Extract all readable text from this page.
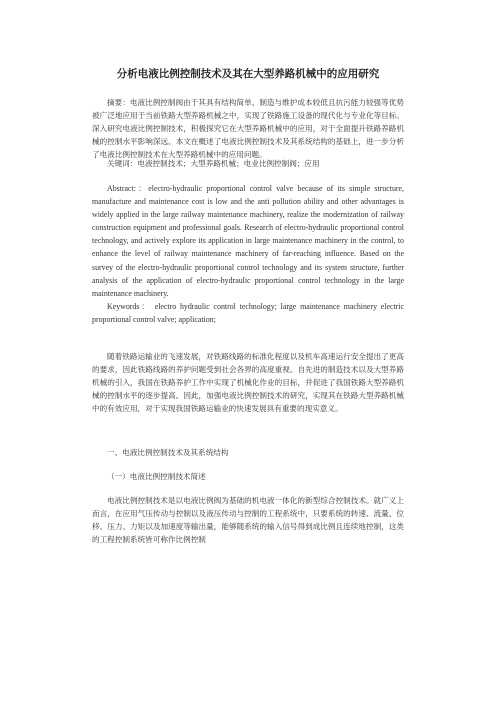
分析电液比例控制技术及其在大型养路机械中的应用研究

摘要：电液比例控制阀由于其具有结构简单、制造与维护成本较低且抗污能力较强等优势被广泛地应用于当前铁路大型养路机械之中，实现了铁路施工设备的现代化与专业化等目标。深入研究电液比例控制技术，积极探究它在大型养路机械中的应用，对于全面提升铁路养路机械的控制水平影响深远。本文在概述了电液比例控制技术及其系统结构的基础上，进一步分析了电液比例控制技术在大型养路机械中的应用问题。

关键词：电液控制技术；大型养路机械；电业比例控制阀；应用

Abstract:：electro-hydraulic proportional control valve because of its simple structure, manufacture and maintenance cost is low and the anti pollution ability and other advantages is widely applied in the large railway maintenance machinery, realize the modernization of railway construction equipment and professional goals. Research of electro-hydraulic proportional control technology, and actively explore its application in large maintenance machinery in the control, to enhance the level of railway maintenance machinery of far-reaching influence. Based on the survey of the electro-hydraulic proportional control technology and its system structure, further analysis of the application of electro-hydraulic proportional control technology in the large maintenance machinery.

Keywords： electro hydraulic control technology; large maintenance machinery electric proportional control valve; application;

随着铁路运输业的飞速发展，对铁路线路的标准化程度以及机车高速运行安全提出了更高的要求，因此铁路线路的养护问题受到社会各界的高度重视。自先进的制造技术以及大型养路机械的引入，我国在铁路养护工作中实现了机械化作业的目标，并促进了我国铁路大型养路机械的控制水平的逐步提高。因此，加强电液比例控制技术的研究，实现其在铁路大型养路机械中的有效应用，对于实现我国铁路运输业的快速发展具有重要的现实意义。

一、电液比例控制技术及其系统结构

（一）电液比例控制技术简述

电液比例控制技术是以电液比例阀为基础的机电液一体化的新型综合控制技术。就广义上而言，在应用气压传动与控制以及液压传动与控制的工程系统中，只要系统的转速、流量、位移、压力、力矩以及加速度等输出量，能够随系统的输入信号得到成比例且连续地控制，这类的工程控制系统皆可称作比例控制
